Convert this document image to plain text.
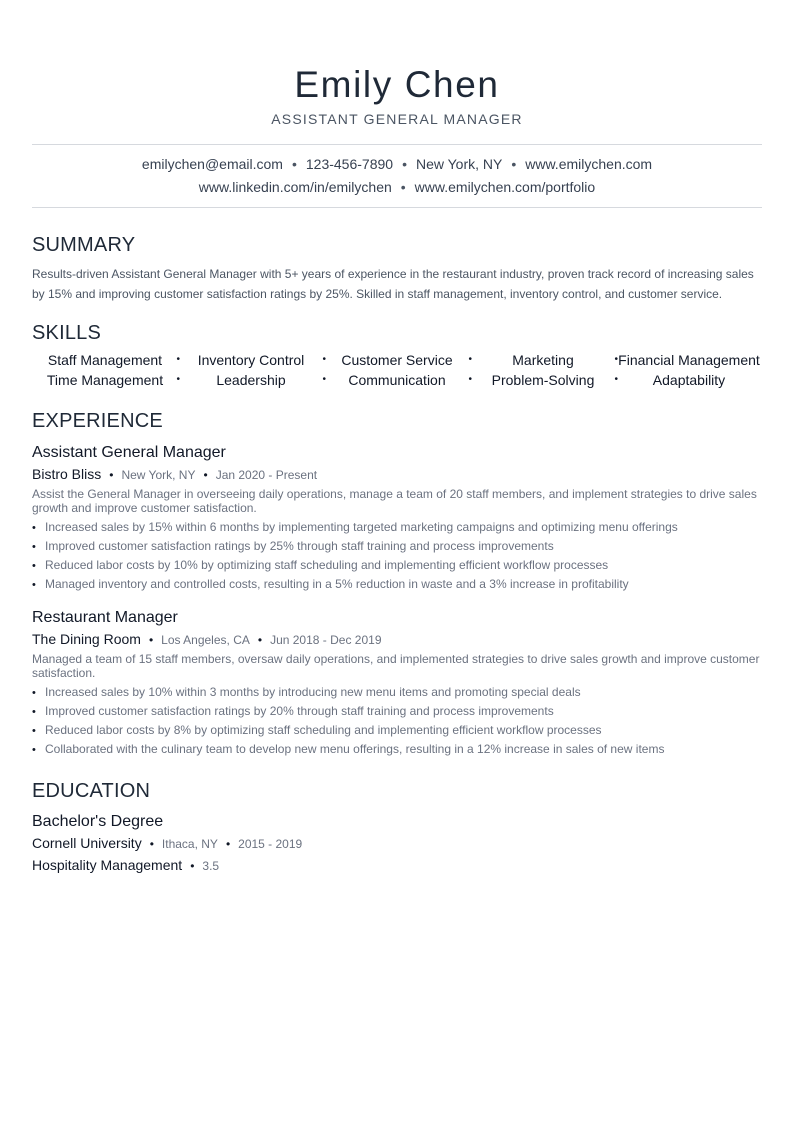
Emily Chen
ASSISTANT GENERAL MANAGER
emilychen@email.com • 123-456-7890 • New York, NY • www.emilychen.com
www.linkedin.com/in/emilychen • www.emilychen.com/portfolio
SUMMARY
Results-driven Assistant General Manager with 5+ years of experience in the restaurant industry, proven track record of increasing sales by 15% and improving customer satisfaction ratings by 25%. Skilled in staff management, inventory control, and customer service.
SKILLS
Staff Management •	Inventory Control •	Customer Service •	Marketing	• Financial Management
Time Management •	Leadership	•	Communication •	Problem-Solving •	Adaptability
EXPERIENCE
Assistant General Manager
Bistro Bliss • New York, NY • Jan 2020 - Present
Assist the General Manager in overseeing daily operations, manage a team of 20 staff members, and implement strategies to drive sales growth and improve customer satisfaction.
• Increased sales by 15% within 6 months by implementing targeted marketing campaigns and optimizing menu offerings
• Improved customer satisfaction ratings by 25% through staff training and process improvements
• Reduced labor costs by 10% by optimizing staff scheduling and implementing efficient workflow processes
• Managed inventory and controlled costs, resulting in a 5% reduction in waste and a 3% increase in profitability
Restaurant Manager
The Dining Room • Los Angeles, CA • Jun 2018 - Dec 2019
Managed a team of 15 staff members, oversaw daily operations, and implemented strategies to drive sales growth and improve customer satisfaction.
• Increased sales by 10% within 3 months by introducing new menu items and promoting special deals
• Improved customer satisfaction ratings by 20% through staff training and process improvements
• Reduced labor costs by 8% by optimizing staff scheduling and implementing efficient workflow processes
• Collaborated with the culinary team to develop new menu offerings, resulting in a 12% increase in sales of new items
EDUCATION
Bachelor's Degree
Cornell University • Ithaca, NY • 2015 - 2019
Hospitality Management • 3.5
